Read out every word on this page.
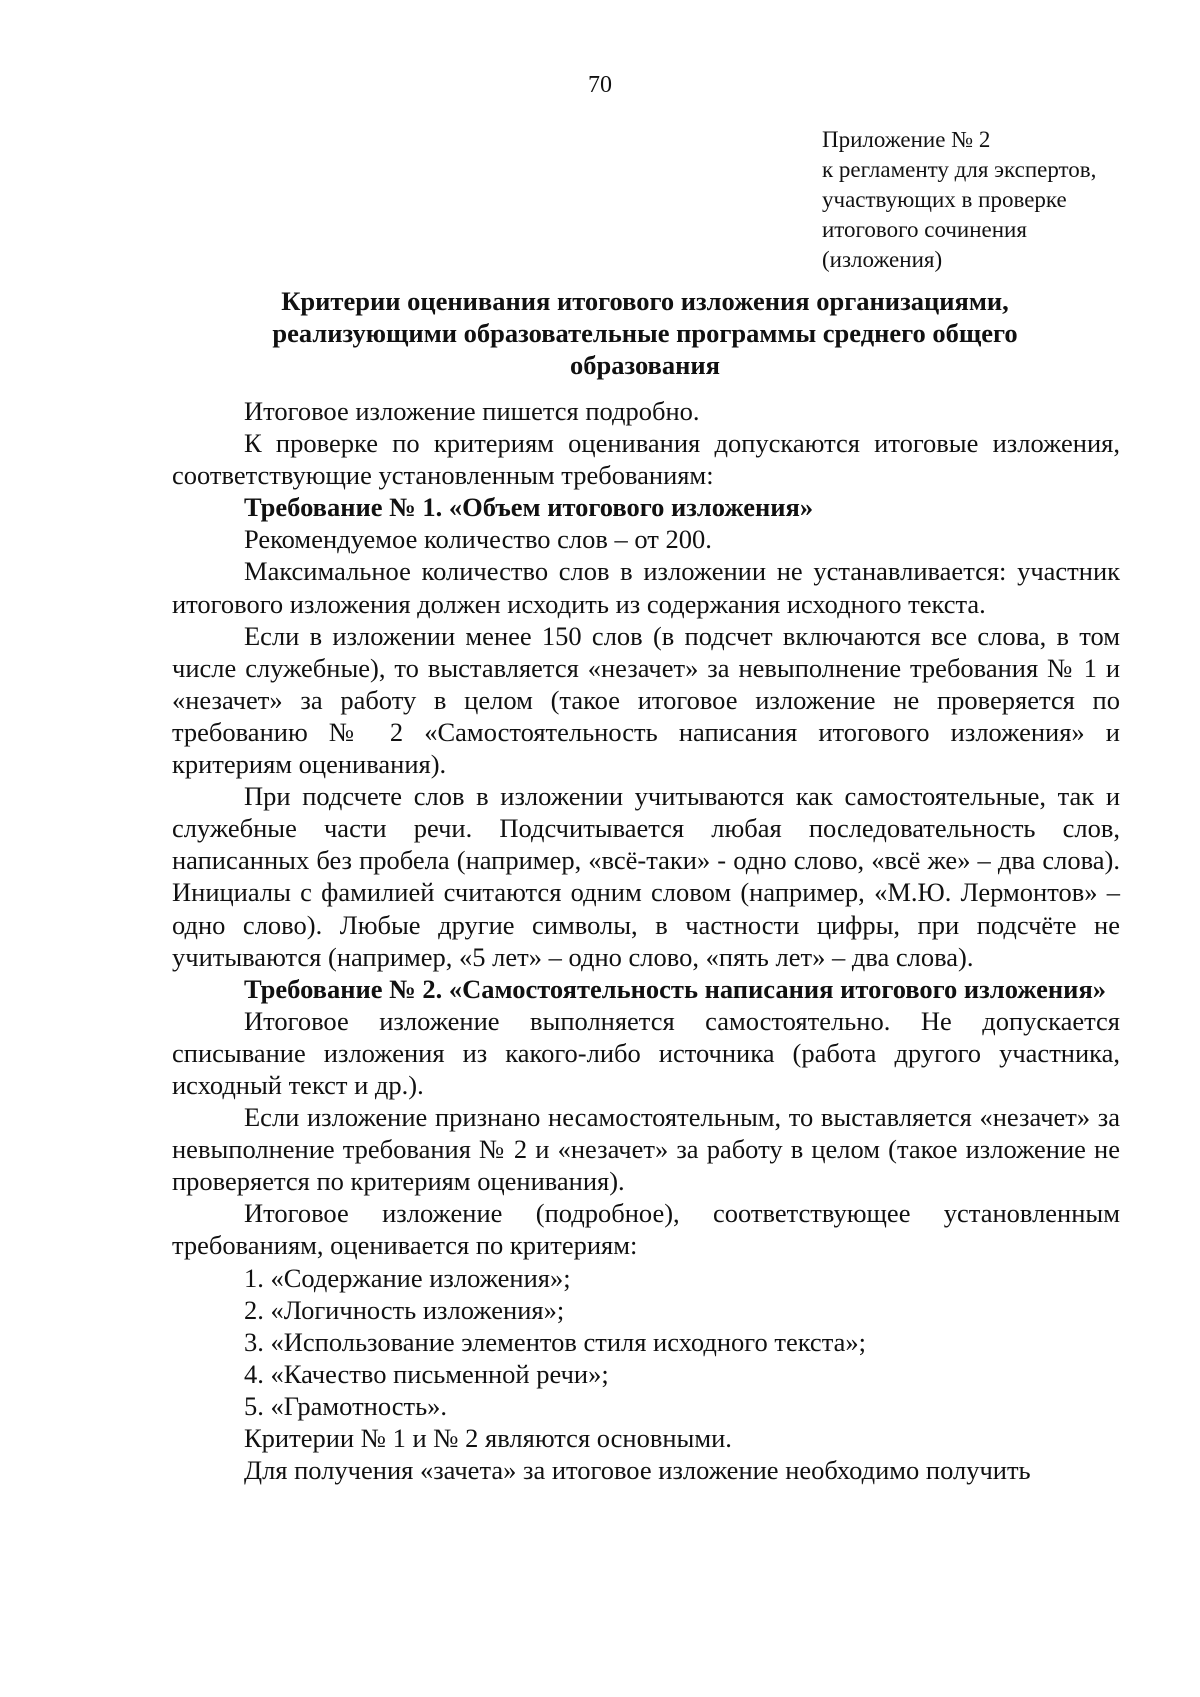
70
Приложение № 2
к регламенту для экспертов,
участвующих в проверке
итогового сочинения
(изложения)
Критерии оценивания итогового изложения организациями,
реализующими образовательные программы среднего общего
образования

Итоговое изложение пишется подробно.

К проверке по критериям оценивания допускаются итоговые изложения, соответствующие установленным требованиям:

Требование № 1. «Объем итогового изложения»

Рекомендуемое количество слов – от 200.

Максимальное количество слов в изложении не устанавливается: участник итогового изложения должен исходить из содержания исходного текста.

Если в изложении менее 150 слов (в подсчет включаются все слова, в том числе служебные), то выставляется «незачет» за невыполнение требования № 1 и «незачет» за работу в целом (такое итоговое изложение не проверяется по требованию № 2 «Самостоятельность написания итогового изложения» и критериям оценивания).

При подсчете слов в изложении учитываются как самостоятельные, так и служебные части речи. Подсчитывается любая последовательность слов, написанных без пробела (например, «всё-таки» - одно слово, «всё же» – два слова). Инициалы с фамилией считаются одним словом (например, «М.Ю. Лермонтов» – одно слово). Любые другие символы, в частности цифры, при подсчёте не учитываются (например, «5 лет» – одно слово, «пять лет» – два слова).

Требование № 2. «Самостоятельность написания итогового изложения»

Итоговое изложение выполняется самостоятельно. Не допускается списывание изложения из какого-либо источника (работа другого участника, исходный текст и др.).

Если изложение признано несамостоятельным, то выставляется «незачет» за невыполнение требования № 2 и «незачет» за работу в целом (такое изложение не проверяется по критериям оценивания).

Итоговое изложение (подробное), соответствующее установленным требованиям, оценивается по критериям:

1. «Содержание изложения»;

2. «Логичность изложения»;

3. «Использование элементов стиля исходного текста»;

4. «Качество письменной речи»;

5. «Грамотность».

Критерии № 1 и № 2 являются основными.

Для получения «зачета» за итоговое изложение необходимо получить
